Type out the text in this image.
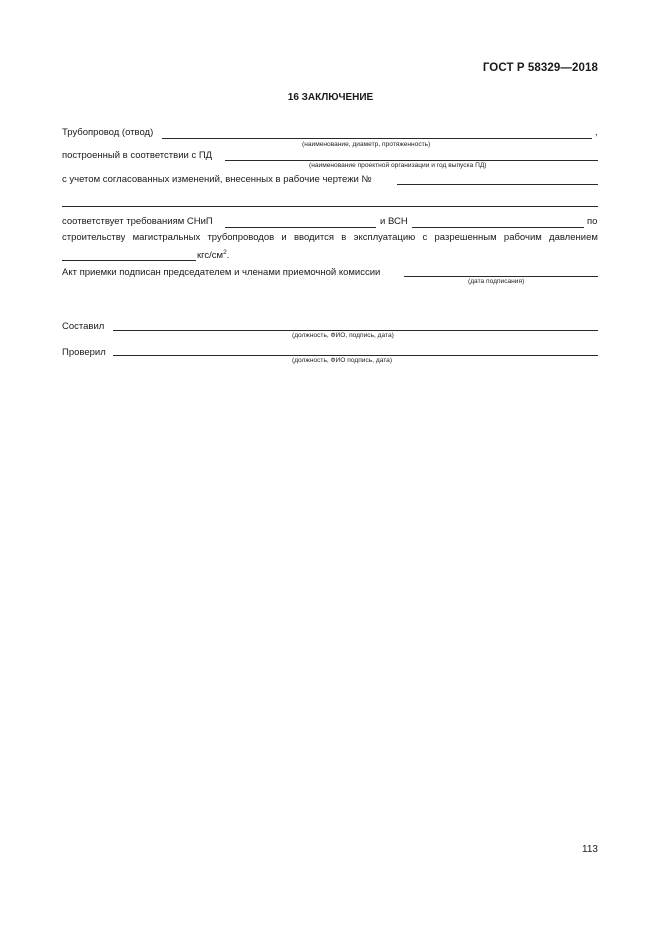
ГОСТ Р 58329—2018
16 ЗАКЛЮЧЕНИЕ
Трубопровод (отвод)	,
(наименование, диаметр, протяженность)
построенный в соответствии с ПД
(наименование проектной организации и год выпуска ПД)
с учетом согласованных изменений, внесенных в рабочие чертежи №
соответствует требованиям СНиП	и ВСН	по
строительству магистральных трубопроводов и вводится в эксплуатацию с разрешенным рабочим давлением
кгс/$см^2$.
Акт приемки подписан председателем и членами приемочной комиссии
(дата подписания)
Составил
(должность, ФИО, подпись, дата)
Проверил
(должность, ФИО подпись, дата)
113
